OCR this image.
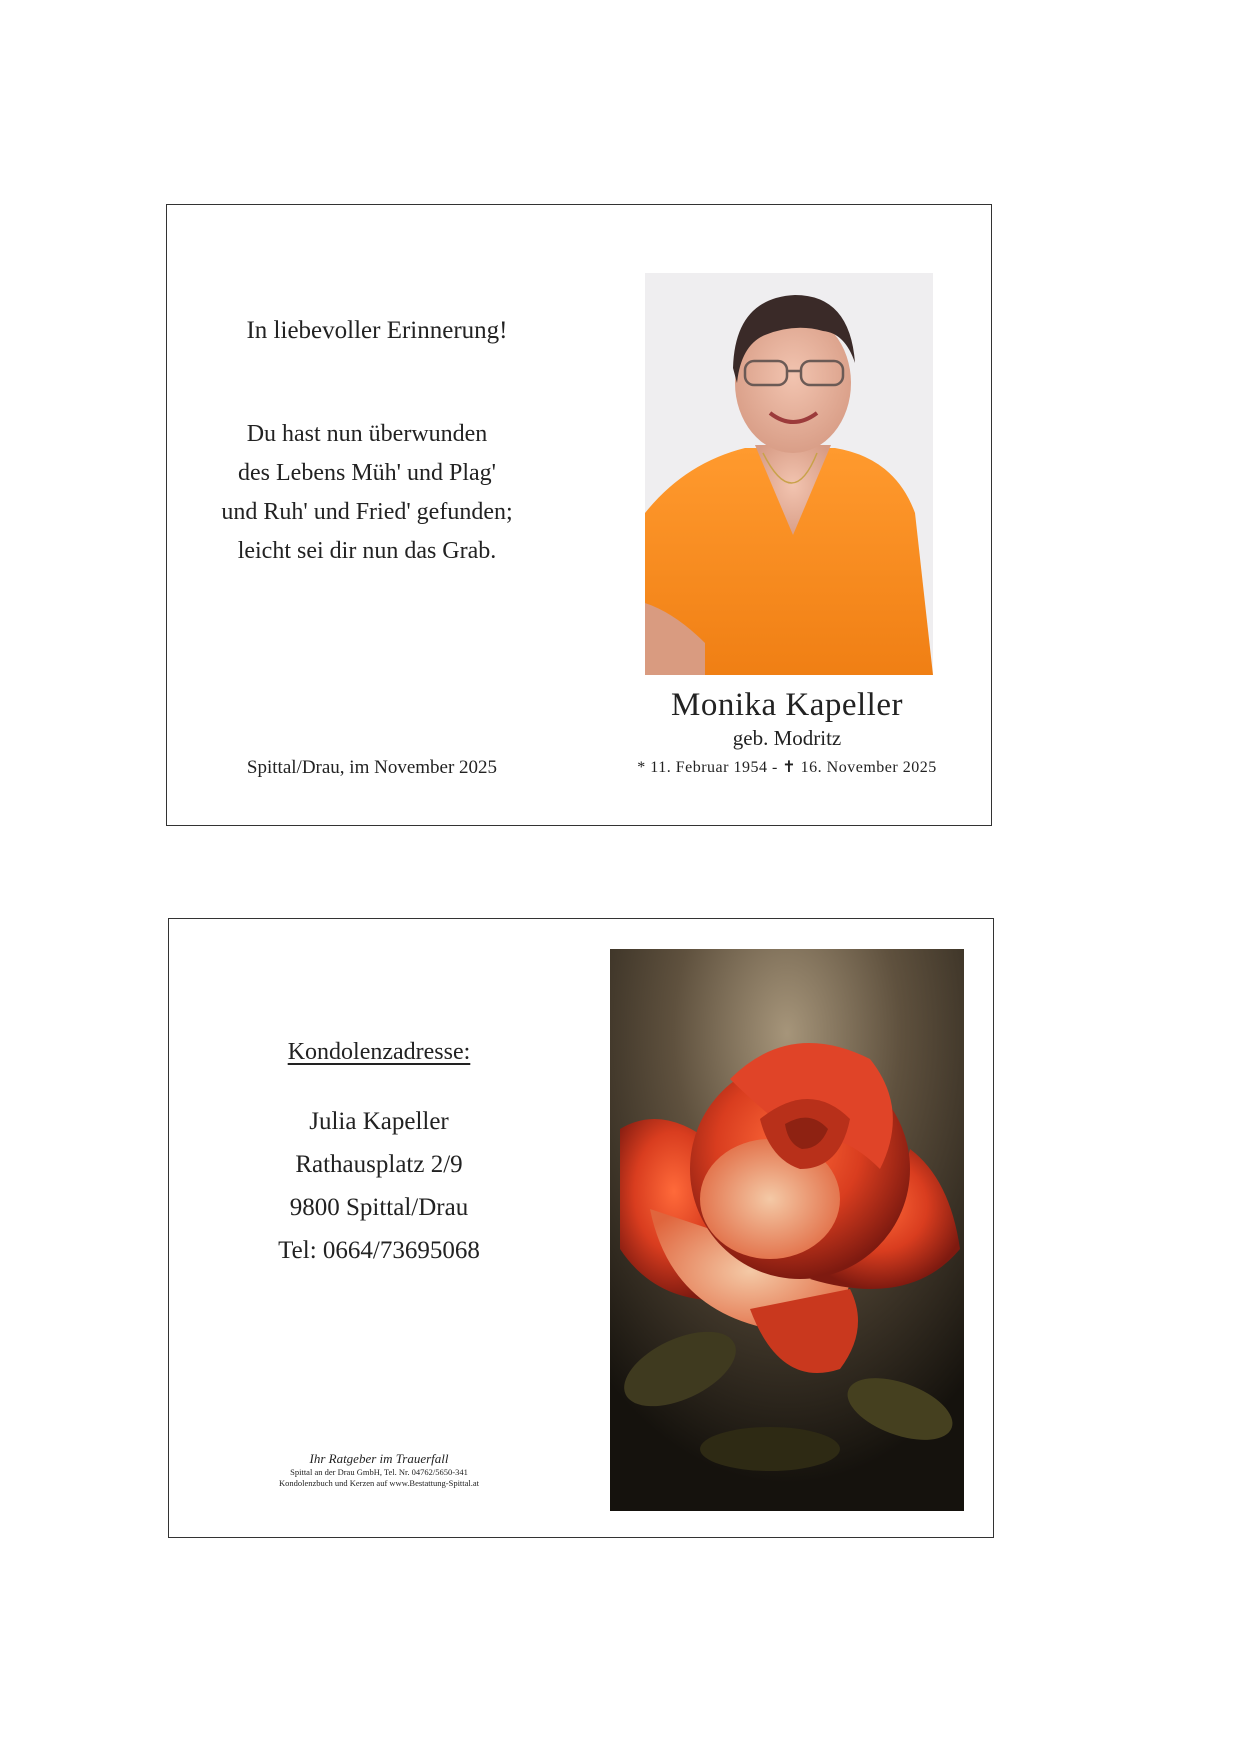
In liebevoller Erinnerung!
Du hast nun überwunden
des Lebens Müh' und Plag'
und Ruh' und Fried' gefunden;
leicht sei dir nun das Grab.
Spittal/Drau, im November 2025
Monika Kapeller
geb. Modritz
* 11. Februar 1954 - ✝ 16. November 2025
Kondolenzadresse:
Julia Kapeller
Rathausplatz 2/9
9800 Spittal/Drau
Tel: 0664/73695068
Ihr Ratgeber im Trauerfall
Spittal an der Drau GmbH, Tel. Nr. 04762/5650-341
Kondolenzbuch und Kerzen auf www.Bestattung-Spittal.at
